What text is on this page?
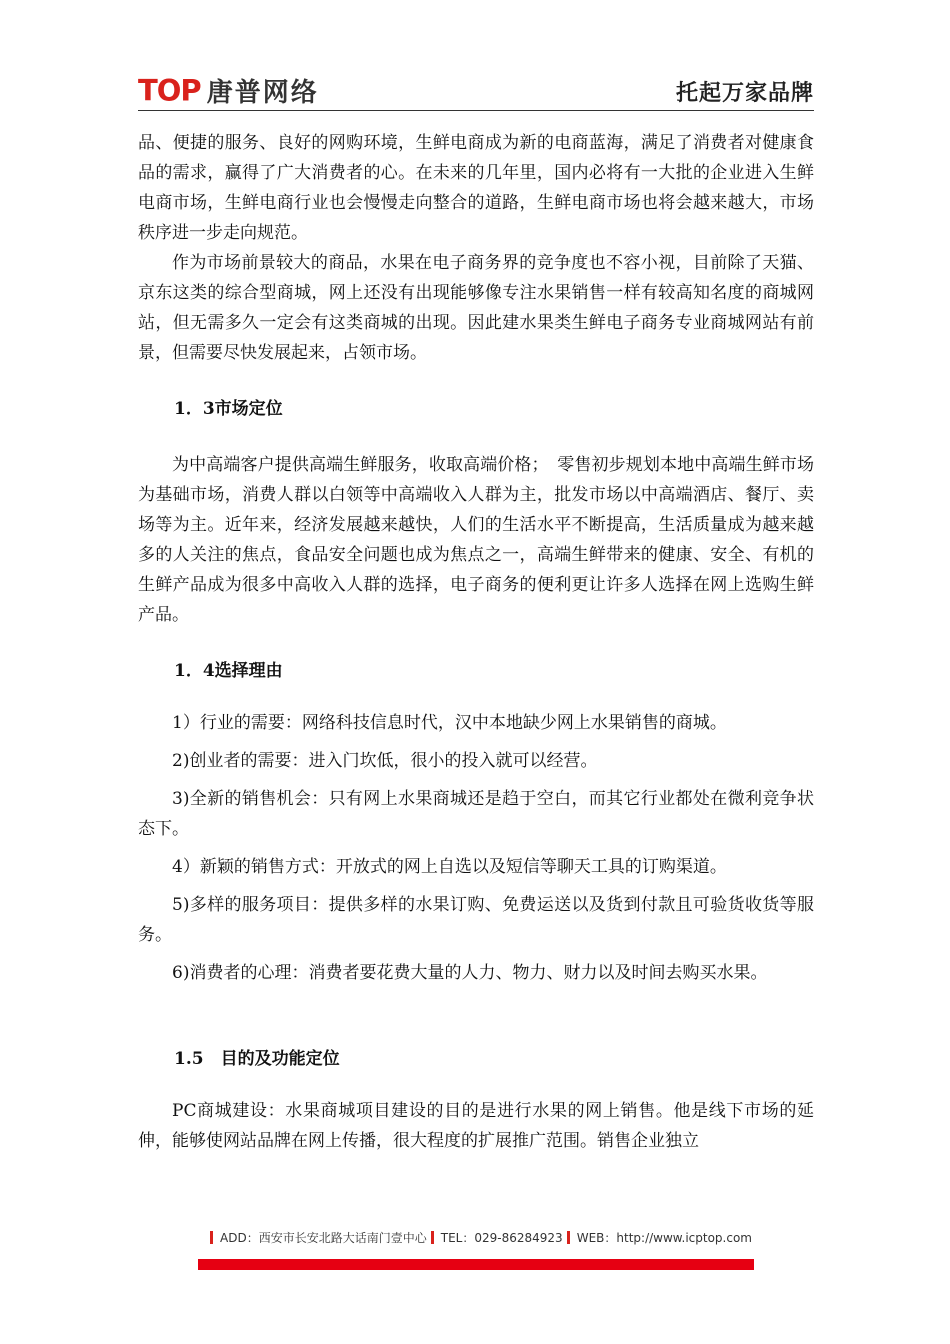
TOP 唐普网络	托起万家品牌

品、便捷的服务、良好的网购环境，生鲜电商成为新的电商蓝海，满足了消费者对健康食品的需求，赢得了广大消费者的心。在未来的几年里，国内必将有一大批的企业进入生鲜电商市场，生鲜电商行业也会慢慢走向整合的道路，生鲜电商市场也将会越来越大，市场秩序进一步走向规范。

作为市场前景较大的商品，水果在电子商务界的竞争度也不容小视，目前除了天猫、京东这类的综合型商城，网上还没有出现能够像专注水果销售一样有较高知名度的商城网站，但无需多久一定会有这类商城的出现。因此建水果类生鲜电子商务专业商城网站有前景，但需要尽快发展起来，占领市场。

1．3市场定位

为中高端客户提供高端生鲜服务，收取高端价格；　零售初步规划本地中高端生鲜市场为基础市场，消费人群以白领等中高端收入人群为主，批发市场以中高端酒店、餐厅、卖场等为主。近年来，经济发展越来越快，人们的生活水平不断提高，生活质量成为越来越多的人关注的焦点，食品安全问题也成为焦点之一，高端生鲜带来的健康、安全、有机的生鲜产品成为很多中高收入人群的选择，电子商务的便利更让许多人选择在网上选购生鲜产品。

1．4选择理由

1）行业的需要：网络科技信息时代，汉中本地缺少网上水果销售的商城。

2)创业者的需要：进入门坎低，很小的投入就可以经营。

3)全新的销售机会：只有网上水果商城还是趋于空白，而其它行业都处在微利竞争状态下。

4）新颖的销售方式：开放式的网上自选以及短信等聊天工具的订购渠道。

5)多样的服务项目：提供多样的水果订购、免费运送以及货到付款且可验货收货等服务。

6)消费者的心理：消费者要花费大量的人力、物力、财力以及时间去购买水果。

1.5　目的及功能定位

PC商城建设：水果商城项目建设的目的是进行水果的网上销售。他是线下市场的延伸，能够使网站品牌在网上传播，很大程度的扩展推广范围。销售企业独立

ADD：西安市长安北路大话南门壹中心 TEL：029-86284923 WEB：http://www.icptop.com
